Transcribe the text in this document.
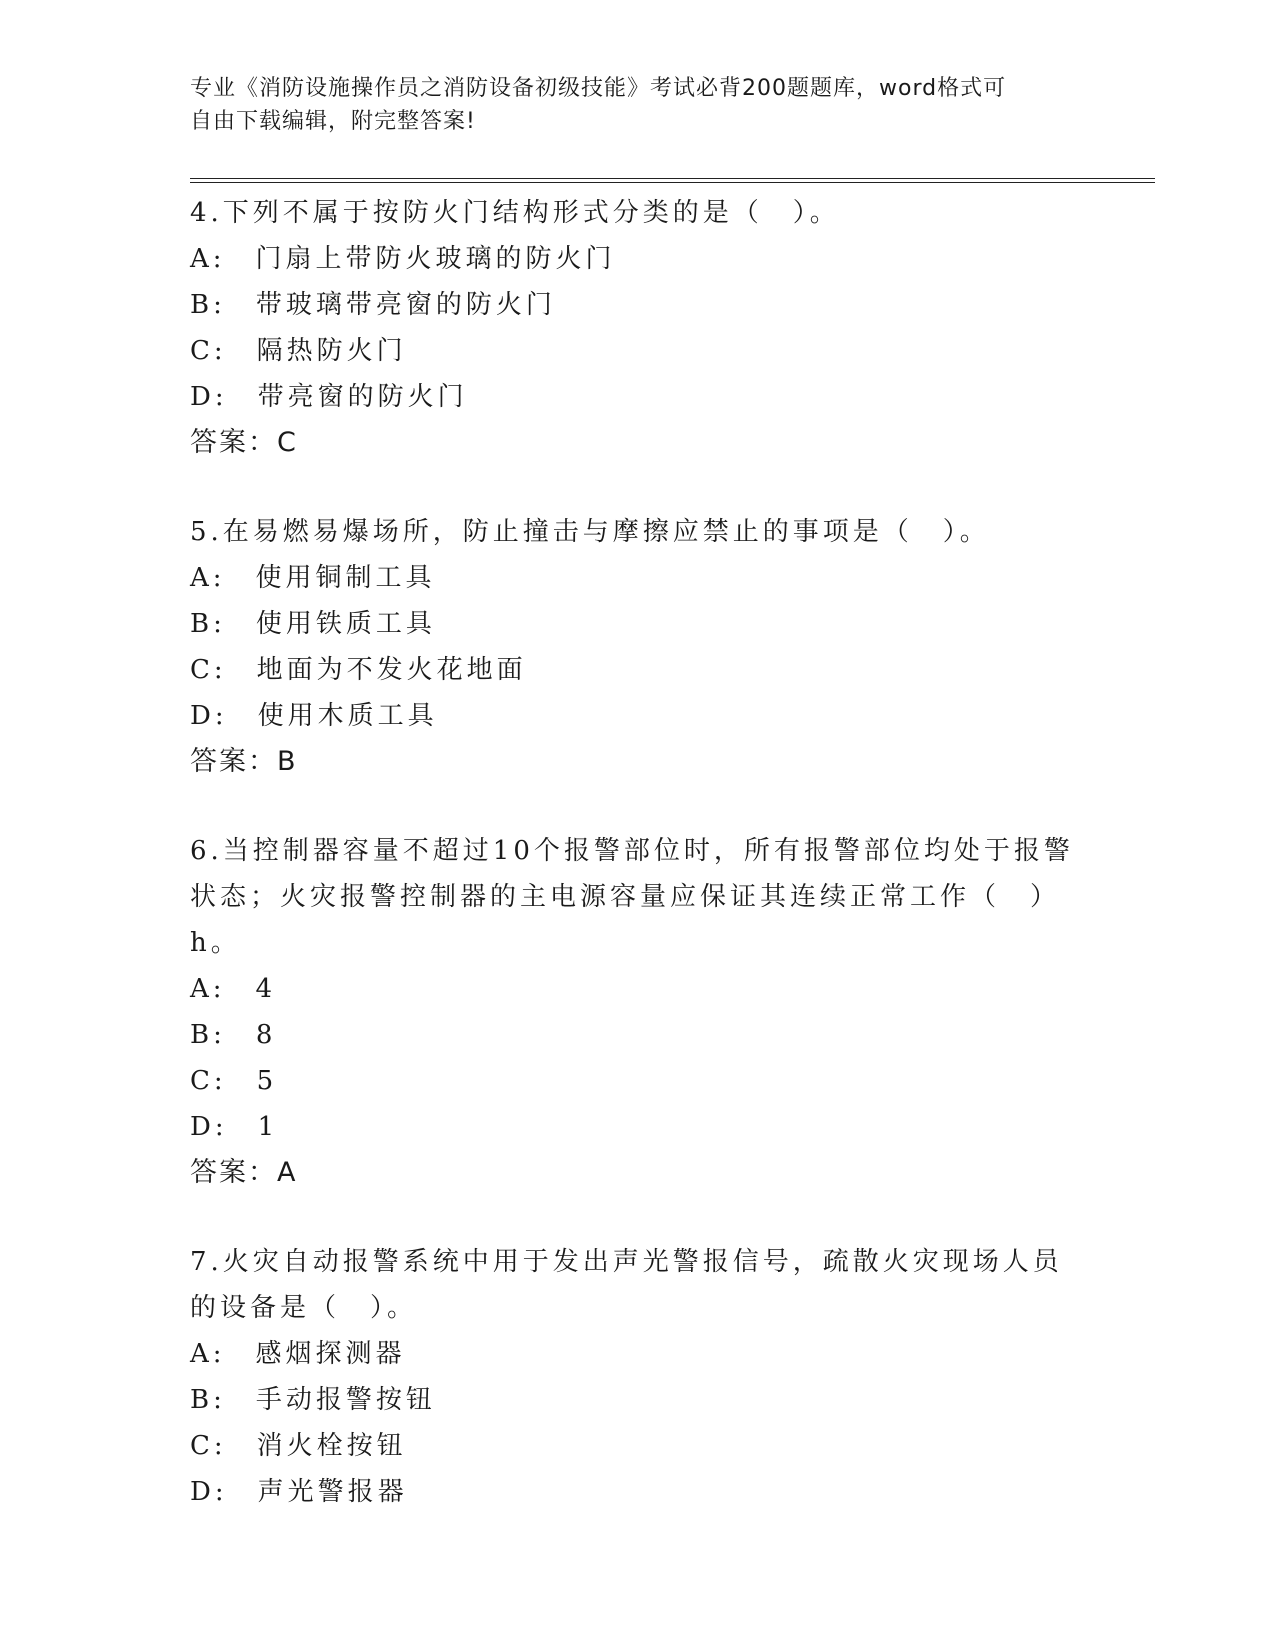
专业《消防设施操作员之消防设备初级技能》考试必背200题题库，word格式可
自由下载编辑，附完整答案!

4.下列不属于按防火门结构形式分类的是（　）。

A: 门扇上带防火玻璃的防火门

B: 带玻璃带亮窗的防火门

C: 隔热防火门

D: 带亮窗的防火门

答案：C

5.在易燃易爆场所，防止撞击与摩擦应禁止的事项是（　）。

A: 使用铜制工具

B: 使用铁质工具

C: 地面为不发火花地面

D: 使用木质工具

答案：B

6.当控制器容量不超过10个报警部位时，所有报警部位均处于报警状态；火灾报警控制器的主电源容量应保证其连续正常工作（　）h。

A: 4

B: 8

C: 5

D: 1

答案：A

7.火灾自动报警系统中用于发出声光警报信号，疏散火灾现场人员的设备是（　）。

A: 感烟探测器

B: 手动报警按钮

C: 消火栓按钮

D: 声光警报器
